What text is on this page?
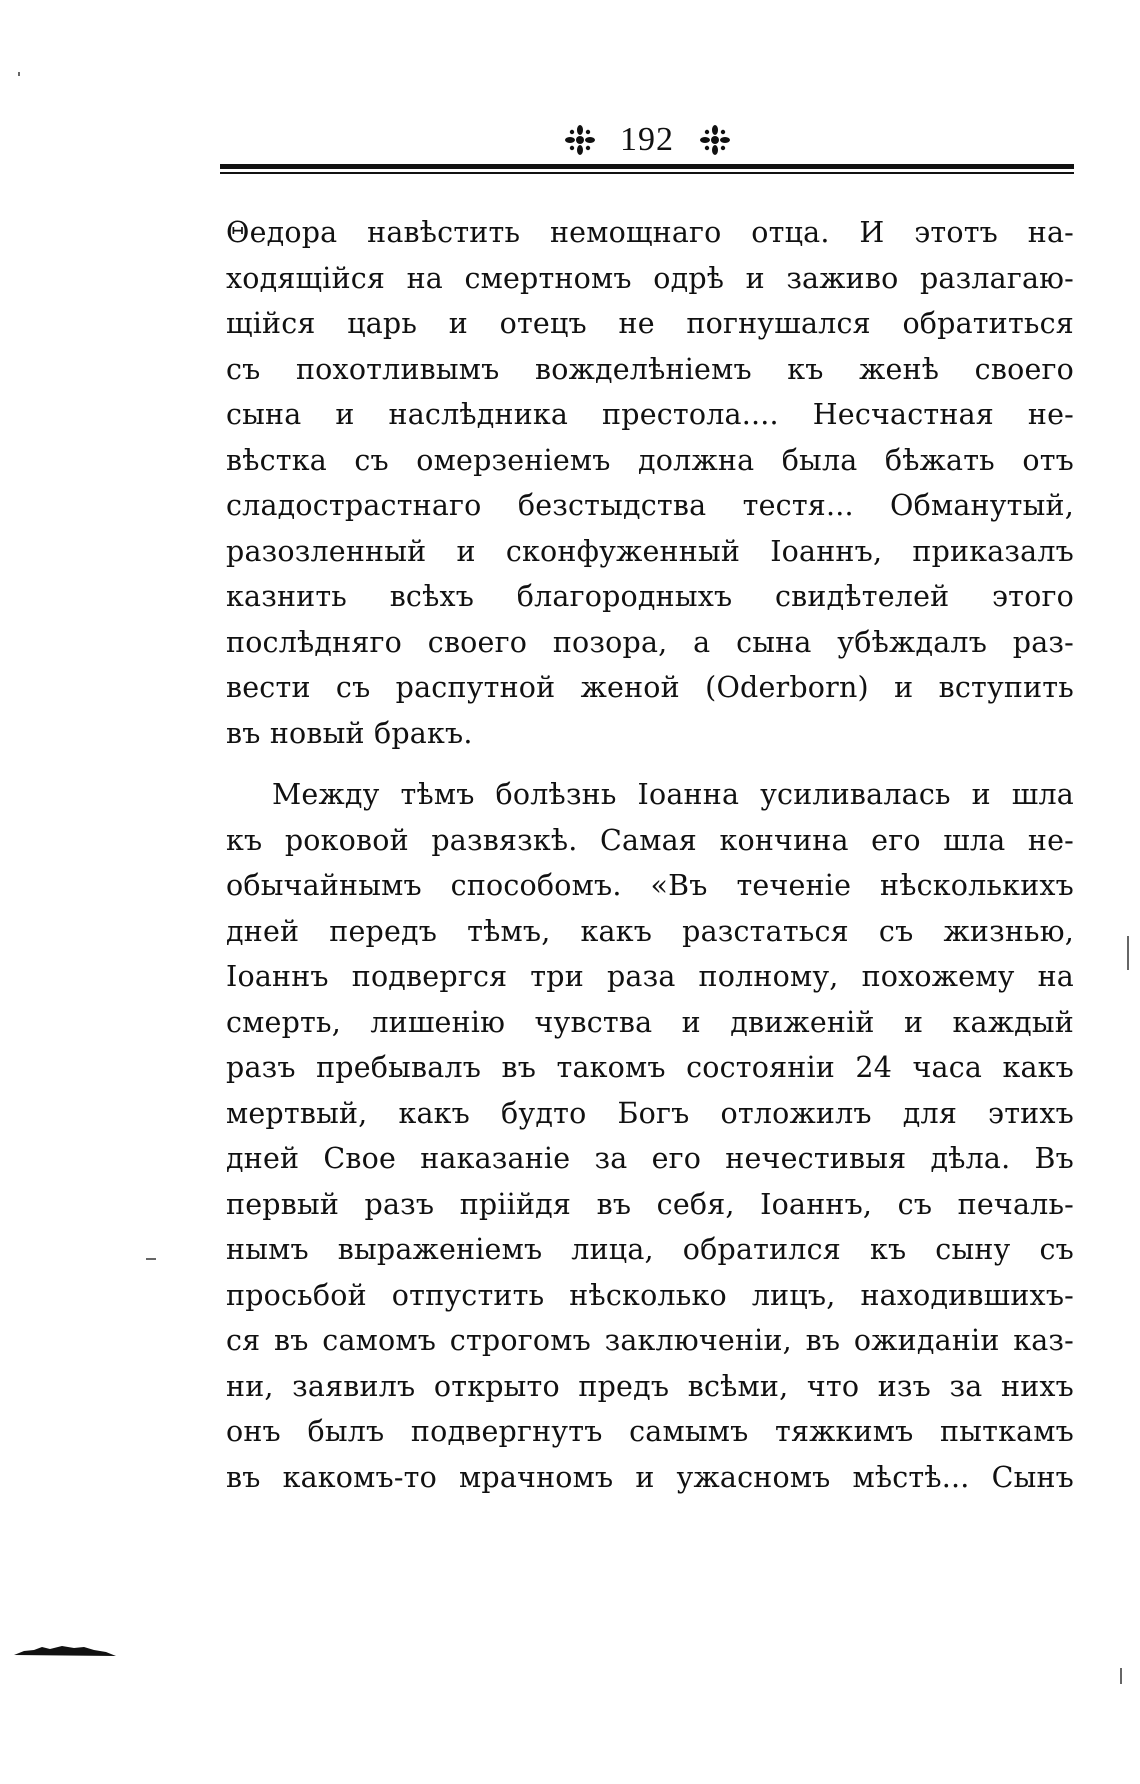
192
Θедора навѣстить немощнаго отца. И этотъ на-
ходящійся на смертномъ одрѣ и заживо разлагаю-
щійся царь и отецъ не погнушался обратиться
съ похотливымъ вожделѣніемъ къ женѣ своего
сына и наслѣдника престола.... Несчастная не-
вѣстка съ омерзеніемъ должна была бѣжать отъ
сладострастнаго безстыдства тестя... Обманутый,
разозленный и сконфуженный Іоаннъ, приказалъ
казнить всѣхъ благородныхъ свидѣтелей этого
послѣдняго своего позора, а сына убѣждалъ раз-
вести съ распутной женой (Oderborn) и вступить
въ новый бракъ.
Между тѣмъ болѣзнь Іоанна усиливалась и шла
къ роковой развязкѣ. Самая кончина его шла не-
обычайнымъ способомъ. «Въ теченіе нѣсколькихъ
дней передъ тѣмъ, какъ разстаться съ жизнью,
Іоаннъ подвергся три раза полному, похожему на
смерть, лишенію чувства и движеній и каждый
разъ пребывалъ въ такомъ состояніи 24 часа какъ
мертвый, какъ будто Богъ отложилъ для этихъ
дней Свое наказаніе за его нечестивыя дѣла. Въ
первый разъ пріійдя въ себя, Іоаннъ, съ печаль-
нымъ выраженіемъ лица, обратился къ сыну съ
просьбой отпустить нѣсколько лицъ, находившихъ-
ся въ самомъ строгомъ заключеніи, въ ожиданіи каз-
ни, заявилъ открыто предъ всѣми, что изъ за нихъ
онъ былъ подвергнутъ самымъ тяжкимъ пыткамъ
въ какомъ-то мрачномъ и ужасномъ мѣстѣ... Сынъ
